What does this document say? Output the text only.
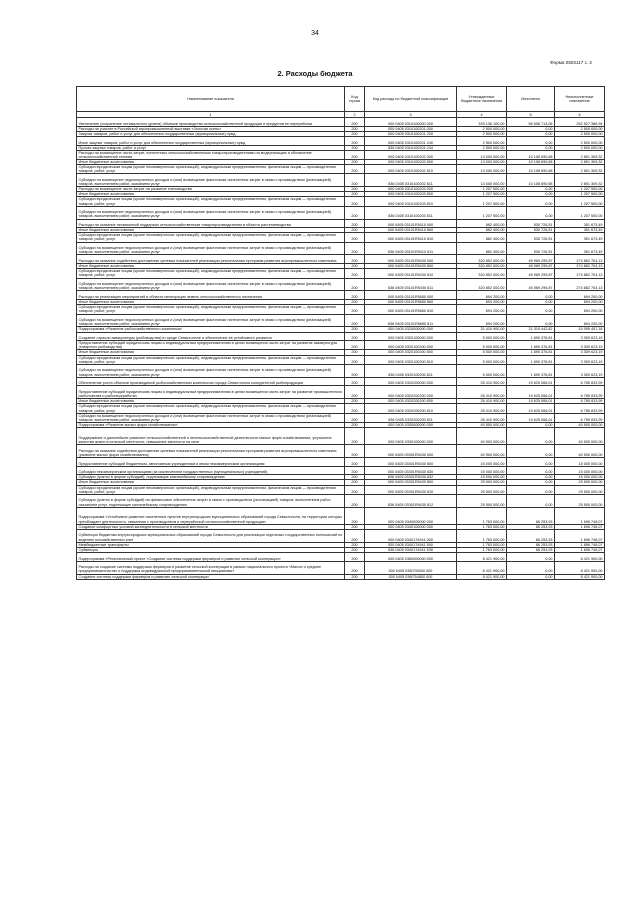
34
Форма 0503117 с. 2
2. Расходы бюджета
Наименование показателя	Код строки	Код расхода по бюджетной классификации	Утвержденные бюджетные назначения	Исполнено	Неисполненные назначения
1	2	3	4	5	6
Увеличение (сохранение оптимального уровня) объемов производства сельскохозяйственной продукции и продуктов ее переработки	200	000 0405 0310100000 000	339 136 100,00	56 608 713,06	282 527 386,94
Расходы на участие в Российской агропромышленной выставке «Золотая осень»	200	000 0405 0310100201 000	2 500 000,00	0,00	2 500 000,00
Закупка товаров, работ и услуг для обеспечения государственных (муниципальных) нужд	200	000 0405 0310100201 200	2 500 000,00	0,00	2 500 000,00
Иные закупки товаров, работ и услуг для обеспечения государственных (муниципальных) нужд	200	000 0405 0310100201 240	2 500 000,00	0,00	2 500 000,00
Прочая закупка товаров, работ и услуг	200	836 0405 0310100201 244	2 500 000,00	0,00	2 500 000,00
Расходы на возмещение части затрат, понесенных сельскохозяйственными товаропроизводителями на модернизацию и обновление сельскохозяйственной техники	200	000 0405 0310100202 000	13 000 000,00	10 108 690,68	2 891 309,32
Иные бюджетные ассигнования	200	000 0405 0310100202 800	13 000 000,00	10 108 690,68	2 891 309,32
Субсидии юридическим лицам (кроме некоммерческих организаций), индивидуальным предпринимателям, физическим лицам — производителям товаров, работ, услуг	200	000 0405 0310100202 810	13 000 000,00	10 108 690,68	2 891 309,32
Субсидии на возмещение недополученных доходов и (или) возмещение фактически понесенных затрат в связи с производством (реализацией) товаров, выполнением работ, оказанием услуг	200	836 0405 0310100202 811	13 000 000,00	10 108 690,68	2 891 309,32
Расходы на возмещение части затрат на развитие пчеловодства	200	000 0405 0310100203 000	1 207 500,00	0,00	1 207 500,00
Иные бюджетные ассигнования	200	000 0405 0310100203 800	1 207 500,00	0,00	1 207 500,00
Субсидии юридическим лицам (кроме некоммерческих организаций), индивидуальным предпринимателям, физическим лицам — производителям товаров, работ, услуг	200	000 0405 0310100203 810	1 207 500,00	0,00	1 207 500,00
Субсидии на возмещение недополученных доходов и (или) возмещение фактически понесенных затрат в связи с производством (реализацией) товаров, выполнением работ, оказанием услуг	200	836 0405 0310100203 811	1 207 500,00	0,00	1 207 500,00
Расходы на оказание несвязанной поддержки сельскохозяйственным товаропроизводителям в области растениеводства	200	000 0405 03101R5410 000	882 400,00	530 726,51	351 673,49
Иные бюджетные ассигнования	200	000 0405 03101R5410 800	882 400,00	530 726,51	351 673,49
Субсидии юридическим лицам (кроме некоммерческих организаций), индивидуальным предпринимателям, физическим лицам — производителям товаров, работ, услуг	200	000 0405 03101R5410 810	882 400,00	530 726,51	351 673,49
Субсидии на возмещение недополученных доходов и (или) возмещение фактически понесенных затрат в связи с производством (реализацией) товаров, выполнением работ, оказанием услуг	200	836 0405 03101R5410 811	882 400,00	530 726,51	351 673,49
Расходы на оказание содействия достижению целевых показателей реализации региональных программ развития агропромышленного комплекса	200	000 0405 03101R5430 000	320 852 000,00	45 969 295,87	274 882 704,13
Иные бюджетные ассигнования	200	000 0405 03101R5430 800	320 852 000,00	45 969 295,87	274 882 704,13
Субсидии юридическим лицам (кроме некоммерческих организаций), индивидуальным предпринимателям, физическим лицам — производителям товаров, работ, услуг	200	000 0405 03101R5430 810	320 852 000,00	45 969 295,87	274 882 704,13
Субсидии на возмещение недополученных доходов и (или) возмещение фактически понесенных затрат в связи с производством (реализацией) товаров, выполнением работ, оказанием услуг	200	836 0405 03101R5430 811	320 852 000,00	45 969 295,87	274 882 704,13
Расходы на реализацию мероприятий в области мелиорации земель сельскохозяйственного назначения	200	000 0405 03101R5680 000	694 200,00	0,00	694 200,00
Иные бюджетные ассигнования	200	000 0405 03101R5680 800	694 200,00	0,00	694 200,00
Субсидии юридическим лицам (кроме некоммерческих организаций), индивидуальным предпринимателям, физическим лицам — производителям товаров, работ, услуг	200	000 0405 03101R5680 810	694 200,00	0,00	694 200,00
Субсидии на возмещение недополученных доходов и (или) возмещение фактически понесенных затрат в связи с производством (реализацией) товаров, выполнением работ, оказанием услуг	200	836 0405 03101R5680 811	694 200,00	0,00	694 200,00
Подпрограмма «Развитие рыбохозяйственного комплекса»	200	000 0405 0320000000 000	31 410 900,00	21 315 442,82	10 095 457,18
Создание отрасли аквакультуры (рыбоводства) в городе Севастополе и обеспечение ее устойчивого развития	200	000 0405 0320100000 000	5 000 000,00	1 690 376,81	3 309 623,19
Предоставление субсидий юридическим лицам и индивидуальным предпринимателям в целях возмещения части затрат на развитие аквакультуры (товарного рыбоводства)	200	000 0405 0320100200 000	5 000 000,00	1 690 376,81	3 309 623,19
Иные бюджетные ассигнования	200	000 0405 0320100200 800	5 000 000,00	1 690 376,81	3 309 623,19
Субсидии юридическим лицам (кроме некоммерческих организаций), индивидуальным предпринимателям, физическим лицам — производителям товаров, работ, услуг	200	000 0405 0320100200 810	5 000 000,00	1 690 376,81	3 309 623,19
Субсидии на возмещение недополученных доходов и (или) возмещение фактически понесенных затрат в связи с производством (реализацией) товаров, выполнением работ, оказанием услуг	200	836 0405 0320100200 811	5 000 000,00	1 690 376,81	3 309 623,19
Обеспечение роста объемов производимой рыбохозяйственным комплексом города Севастополя конкурентной рыбопродукции	200	000 0405 0320200000 000	26 410 900,00	19 625 066,01	6 785 833,99
Предоставление субсидий юридическим лицам и индивидуальным предпринимателям в целях возмещения части затрат на развитие промышленного рыболовства и рыбопереработки	200	000 0405 0320200200 000	26 410 900,00	19 625 066,01	6 785 833,99
Иные бюджетные ассигнования	200	000 0405 0320200200 800	26 410 900,00	19 625 066,01	6 785 833,99
Субсидии юридическим лицам (кроме некоммерческих организаций), индивидуальным предпринимателям, физическим лицам — производителям товаров, работ, услуг	200	000 0405 0320200200 810	26 410 900,00	19 625 066,01	6 785 833,99
Субсидии на возмещение недополученных доходов и (или) возмещение фактически понесенных затрат в связи с производством (реализацией) товаров, выполнением работ, оказанием услуг	200	836 0405 0320200200 811	26 410 900,00	19 625 066,01	6 785 833,99
Подпрограмма «Развитие малых форм хозяйствования»	200	000 0405 0330000000 000	40 500 000,00	0,00	40 500 000,00
Поддержание и дальнейшее развитие сельскохозяйственной и несельскохозяйственной деятельности малых форм хозяйствования, улучшение качества жизни в сельской местности, повышение занятости на селе	200	000 0405 0330100000 000	40 500 000,00	0,00	40 500 000,00
Расходы на оказание содействия достижению целевых показателей реализации региональных программ развития агропромышленного комплекса (развитие малых форм хозяйствования)	200	000 0405 03301R5430 000	40 500 000,00	0,00	40 500 000,00
Предоставление субсидий бюджетным, автономным учреждениям и иным некоммерческим организациям	200	000 0405 03301R5430 600	15 000 000,00	0,00	15 000 000,00
Субсидии некоммерческим организациям (за исключением государственных (муниципальных) учреждений)	200	000 0405 03301R5430 630	15 000 000,00	0,00	15 000 000,00
Субсидии (гранты в форме субсидий), подлежащие казначейскому сопровождению	200	836 0405 03301R5430 632	15 000 000,00	0,00	15 000 000,00
Иные бюджетные ассигнования	200	000 0405 03301R5430 800	25 500 000,00	0,00	25 500 000,00
Субсидии юридическим лицам (кроме некоммерческих организаций), индивидуальным предпринимателям, физическим лицам — производителям товаров, работ, услуг	200	000 0405 03301R5430 810	25 500 000,00	0,00	25 500 000,00
Субсидии (гранты в форме субсидий) на финансовое обеспечение затрат в связи с производством (реализацией) товаров, выполнением работ, оказанием услуг, подлежащие казначейскому сопровождению	200	836 0405 03301R5430 812	25 500 000,00	0,00	25 500 000,00
Подпрограмма «Устойчивое развитие населенных пунктов внутригородских муниципальных образований города Севастополя, на территории которых преобладает деятельность, связанная с производством и переработкой сельскохозяйственной продукции»	200	000 0405 0340000000 000	1 763 000,00	66 253,93	1 696 746,07
Создание комфортных условий жизнедеятельности в сельской местности	200	000 0405 0340100000 000	1 763 000,00	66 253,93	1 696 746,07
Субвенции бюджетам внутригородских муниципальных образований города Севастополя для реализации отдельных государственных полномочий по ведению похозяйственных книг	200	000 0405 0340174941 000	1 763 000,00	66 253,93	1 696 746,07
Межбюджетные трансферты	200	000 0405 0340174941 500	1 763 000,00	66 253,93	1 696 746,07
Субвенции	200	836 0405 0340174941 530	1 763 000,00	66 253,93	1 696 746,07
Подпрограмма «Региональный проект «Создание системы поддержки фермеров и развитие сельской кооперации»	200	000 0405 0360000000 000	8 421 900,00	0,00	8 421 900,00
Расходы на создание системы поддержки фермеров и развитие сельской кооперации в рамках национального проекта «Малое и среднее предпринимательство и поддержка индивидуальной предпринимательской инициативы»	200	000 0405 036I700000 000	8 421 900,00	0,00	8 421 900,00
Создание системы поддержки фермеров и развитие сельской кооперации	200	000 0405 036I754800 000	8 421 900,00	0,00	8 421 900,00
